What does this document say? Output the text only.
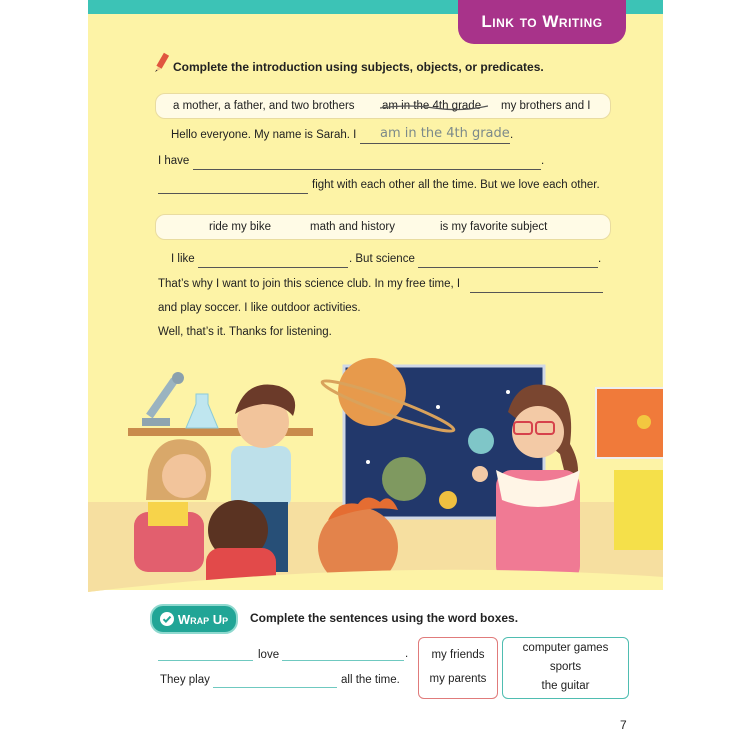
Link to Writing
Complete the introduction using subjects, objects, or predicates.
a mother, a father, and two brothers am in the 4th grade my brothers and I
Hello everyone. My name is Sarah. I am in the 4th grade .
I have	.
fight with each other all the time. But we love each other.
ride my bike	math and history	is my favorite subject
I like	. But science	.
That’s why I want to join this science club. In my free time, I
and play soccer. I like outdoor activities.
Well, that’s it. Thanks for listening.
Wrap Up Complete the sentences using the word boxes.
love	.
They play	all the time.
my friends
my parents
computer games
sports
the guitar
7
